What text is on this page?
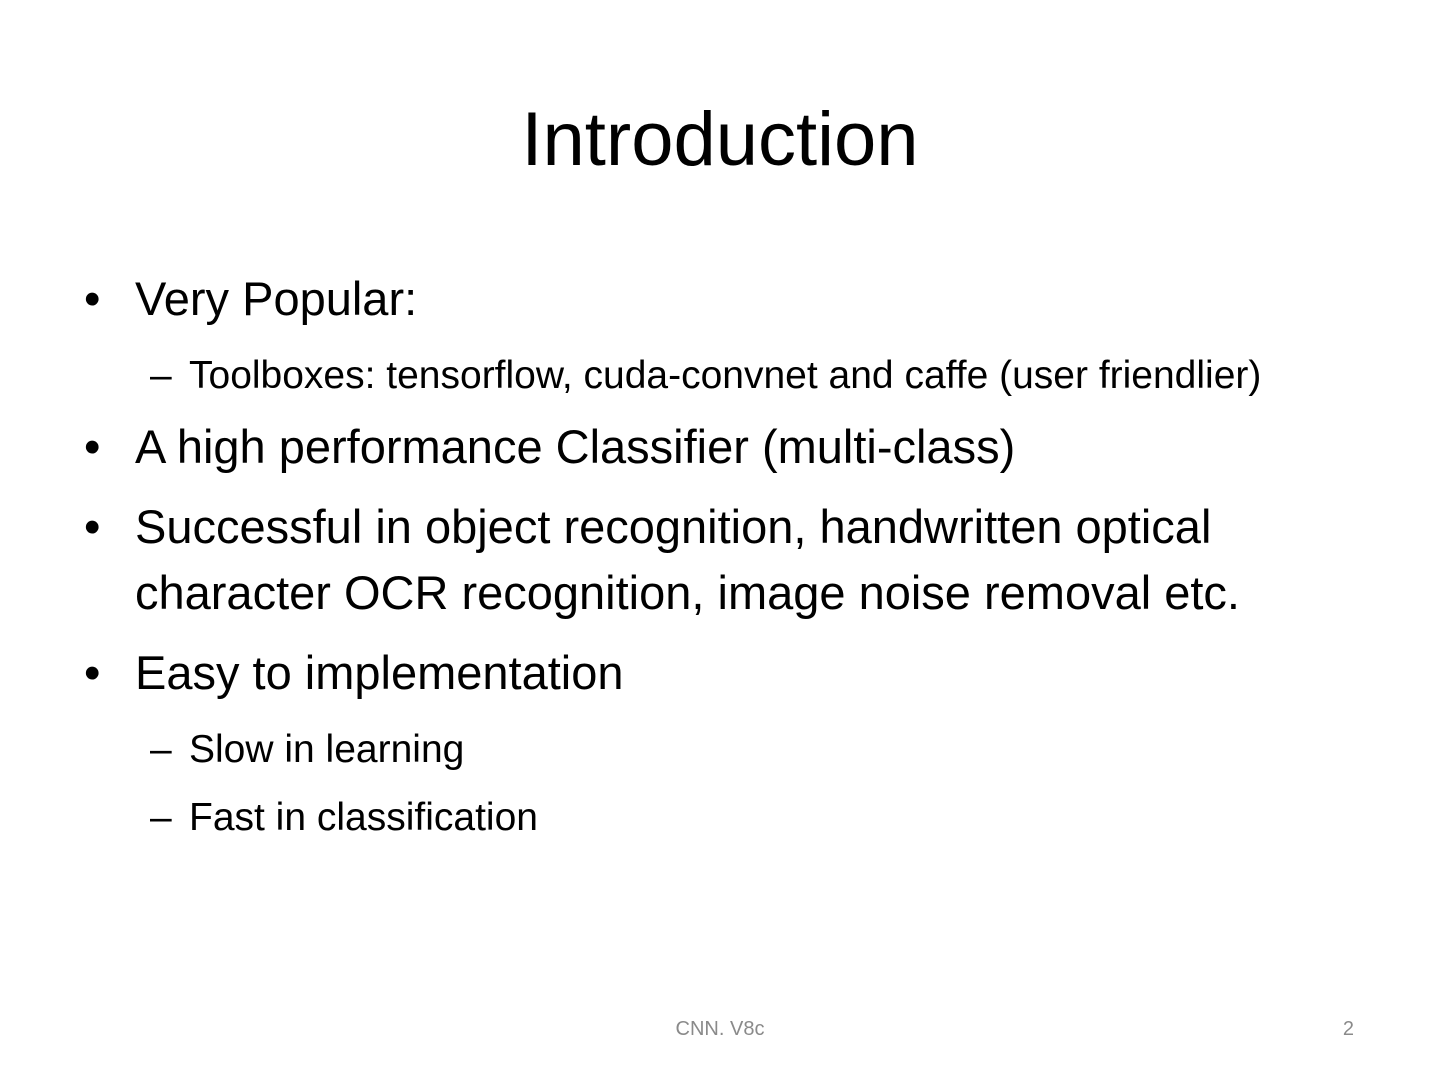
Introduction
• Very Popular:
– Toolboxes: tensorflow, cuda-convnet and caffe (user friendlier)
• A high performance Classifier (multi-class)
• Successful in object recognition, handwritten optical character OCR recognition, image noise removal etc.
• Easy to implementation
– Slow in learning
– Fast in classification
CNN. V8c	2
